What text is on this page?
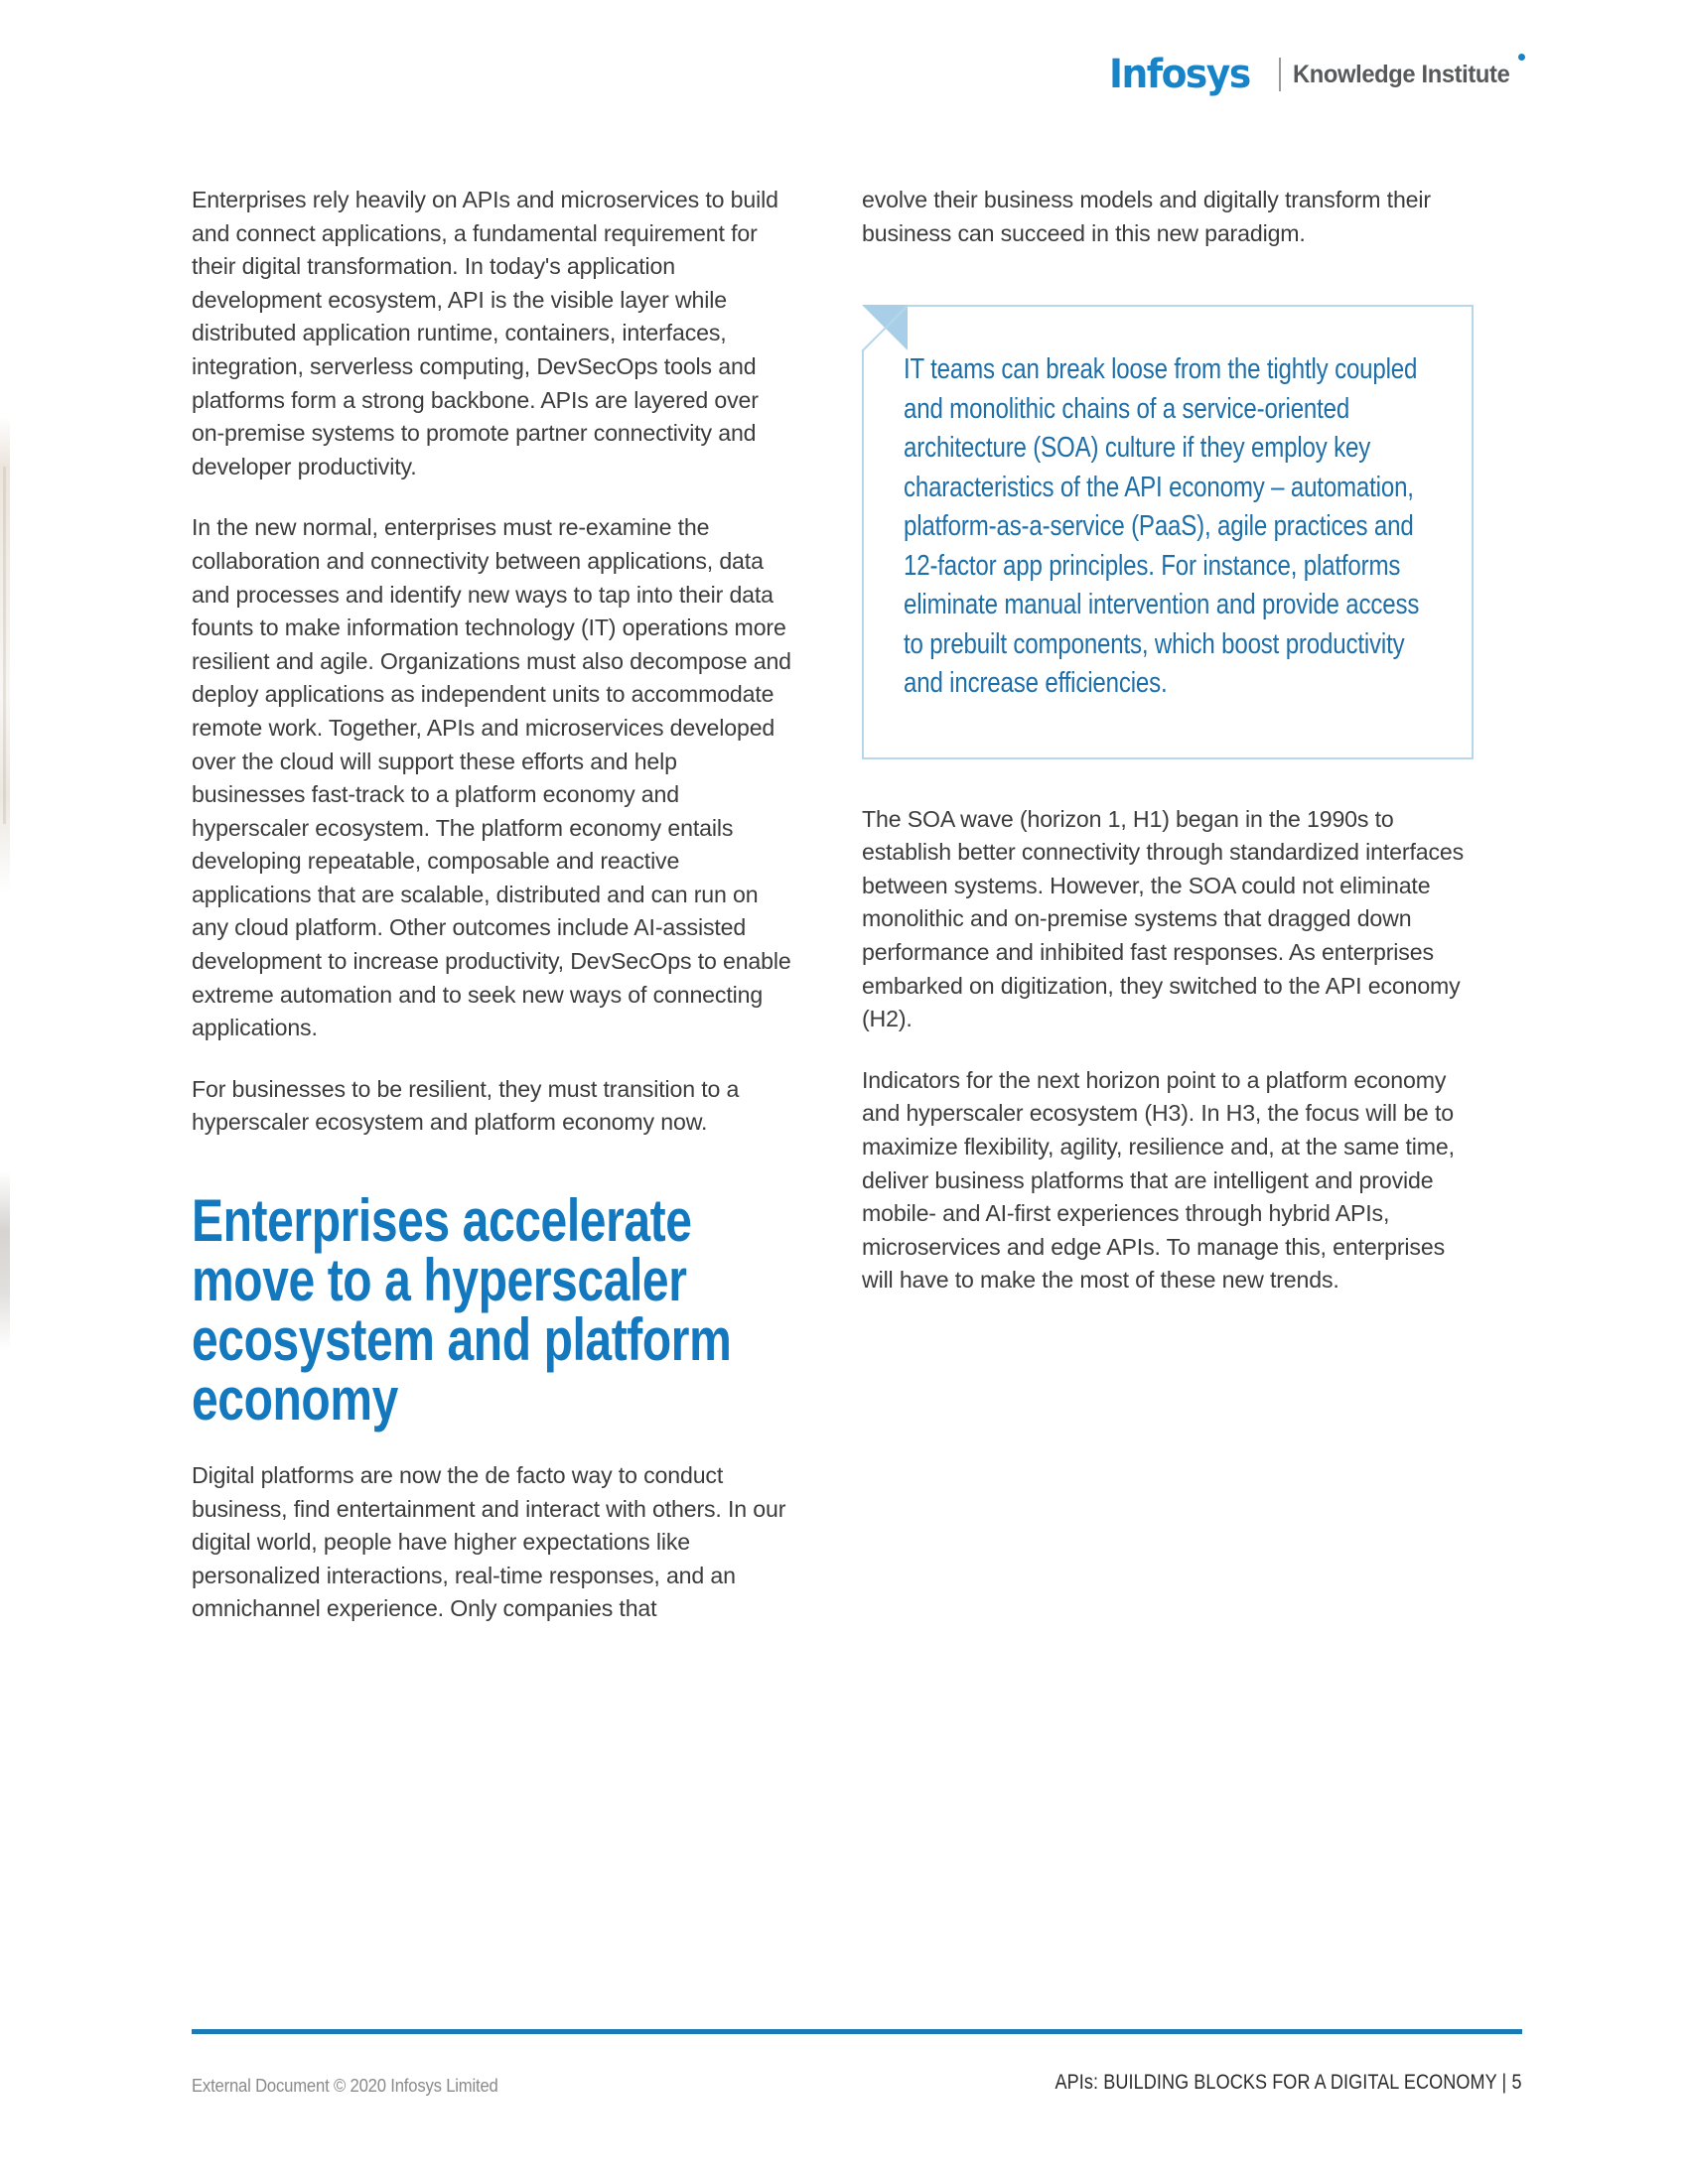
Infosys Knowledge Institute

Enterprises rely heavily on APIs and microservices to build and connect applications, a fundamental requirement for their digital transformation. In today's application development ecosystem, API is the visible layer while distributed application runtime, containers, interfaces, integration, serverless computing, DevSecOps tools and platforms form a strong backbone. APIs are layered over on-premise systems to promote partner connectivity and developer productivity.

In the new normal, enterprises must re-examine the collaboration and connectivity between applications, data and processes and identify new ways to tap into their data founts to make information technology (IT) operations more resilient and agile. Organizations must also decompose and deploy applications as independent units to accommodate remote work. Together, APIs and microservices developed over the cloud will support these efforts and help businesses fast-track to a platform economy and hyperscaler ecosystem. The platform economy entails developing repeatable, composable and reactive applications that are scalable, distributed and can run on any cloud platform. Other outcomes include AI-assisted development to increase productivity, DevSecOps to enable extreme automation and to seek new ways of connecting applications.

For businesses to be resilient, they must transition to a hyperscaler ecosystem and platform economy now.

Enterprises accelerate move to a hyperscaler ecosystem and platform economy

Digital platforms are now the de facto way to conduct business, find entertainment and interact with others. In our digital world, people have higher expectations like personalized interactions, real-time responses, and an omnichannel experience. Only companies that

evolve their business models and digitally transform their business can succeed in this new paradigm.

IT teams can break loose from the tightly coupled and monolithic chains of a service-oriented architecture (SOA) culture if they employ key characteristics of the API economy – automation, platform-as-a-service (PaaS), agile practices and 12-factor app principles. For instance, platforms eliminate manual intervention and provide access to prebuilt components, which boost productivity and increase efficiencies.

The SOA wave (horizon 1, H1) began in the 1990s to establish better connectivity through standardized interfaces between systems. However, the SOA could not eliminate monolithic and on-premise systems that dragged down performance and inhibited fast responses. As enterprises embarked on digitization, they switched to the API economy (H2).

Indicators for the next horizon point to a platform economy and hyperscaler ecosystem (H3). In H3, the focus will be to maximize flexibility, agility, resilience and, at the same time, deliver business platforms that are intelligent and provide mobile- and AI-first experiences through hybrid APIs, microservices and edge APIs. To manage this, enterprises will have to make the most of these new trends.

External Document © 2020 Infosys Limited	APIs: BUILDING BLOCKS FOR A DIGITAL ECONOMY | 5
